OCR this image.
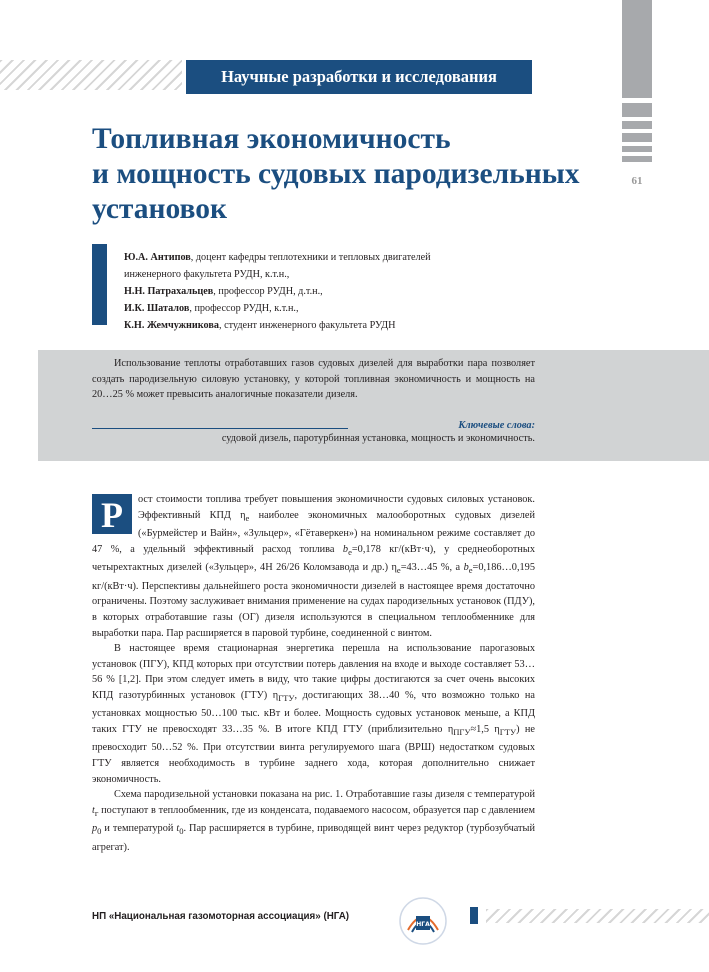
Научные разработки и исследования
61
Топливная экономичность
и мощность судовых пародизельных
установок
Ю.А. Антипов, доцент кафедры теплотехники и тепловых двигателей
инженерного факультета РУДН, к.т.н.,
Н.Н. Патрахальцев, профессор РУДН, д.т.н.,
И.К. Шаталов, профессор РУДН, к.т.н.,
К.Н. Жемчужникова, студент инженерного факультета РУДН

Использование теплоты отработавших газов судовых дизелей для выработки пара позволяет создать пародизельную силовую установку, у которой топливная экономичность и мощность на 20…25 % может превысить аналогичные показатели дизеля.

Ключевые слова:
судовой дизель, паротурбинная установка, мощность и экономичность.
Р	ост стоимости топлива требует повышения экономичности судовых силовых установок. Эффективный КПД $\eta_e$ наиболее экономичных малооборотных судовых дизелей («Бурмейстер и Вайн», «Зульцер», «Гётаверкен») на номинальном режиме составляет до 47 %, а удельный эффективный расход топлива $b_e=0,178$ кг/(кВт·ч), у среднеоборотных четырехтактных дизелей («Зульцер», 4Н 26/26 Коломзавода и др.) $\eta_e=43\dots 45$ %, а $b_e=0,186\dots 0,195$ кг/(кВт·ч). Перспективы дальнейшего роста экономичности дизелей в настоящее время достаточно ограничены. Поэтому заслуживает внимания применение на судах пародизельных установок (ПДУ), в которых отработавшие газы (ОГ) дизеля используются в специальном теплообменнике для выработки пара. Пар расширяется в паровой турбине, соединенной с винтом.

В настоящее время стационарная энергетика перешла на использование парогазовых установок (ПГУ), КПД которых при отсутствии потерь давления на входе и выходе составляет 53…56 % [1,2]. При этом следует иметь в виду, что такие цифры достигаются за счет очень высоких КПД газотурбинных установок (ГТУ) $\eta_{ГТУ}$, достигающих 38…40 %, что возможно только на установках мощностью 50…100 тыс. кВт и более. Мощность судовых установок меньше, а КПД таких ГТУ не превосходят 33…35 %. В итоге КПД ГТУ (приблизительно $\eta_{ПГУ}\approx 1,5$ $\eta_{ГТУ}$) не превосходит 50…52 %. При отсутствии винта регулируемого шага (ВРШ) недостатком судовых ГТУ является необходимость в турбине заднего хода, которая дополнительно снижает экономичность.

Схема пародизельной установки показана на рис. 1. Отработавшие газы дизеля с температурой $t_г$ поступают в теплообменник, где из конденсата, подаваемого насосом, образуется пар с давлением $p_0$ и температурой $t_0$. Пар расширяется в турбине, приводящей винт через редуктор (турбозубчатый агрегат).

НП «Национальная газомоторная ассоциация» (НГА)
НГА
